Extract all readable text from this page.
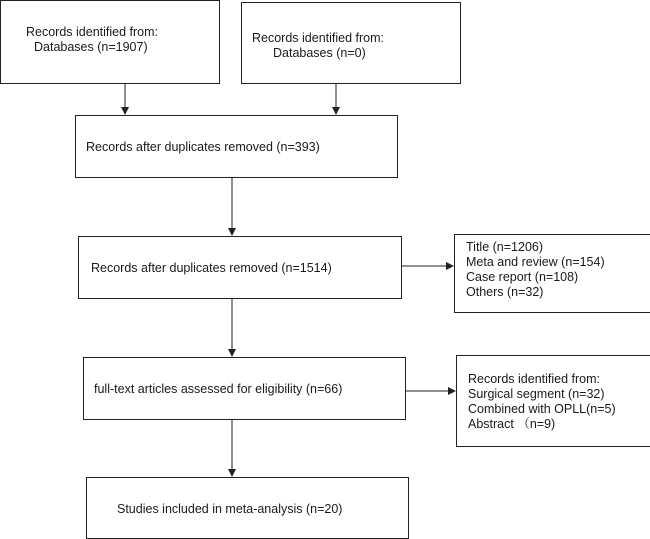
Records identified from:
Databases (n=1907)
Records identified from:
Databases (n=0)
Records after duplicates removed (n=393)
Records after duplicates removed (n=1514)
Title (n=1206)
Meta and review (n=154)
Case report (n=108)
Others (n=32)
full-text articles assessed for eligibility (n=66)
Records identified from:
Surgical segment (n=32)
Combined with OPLL(n=5)
Abstract （n=9)
Studies included in meta-analysis (n=20)
